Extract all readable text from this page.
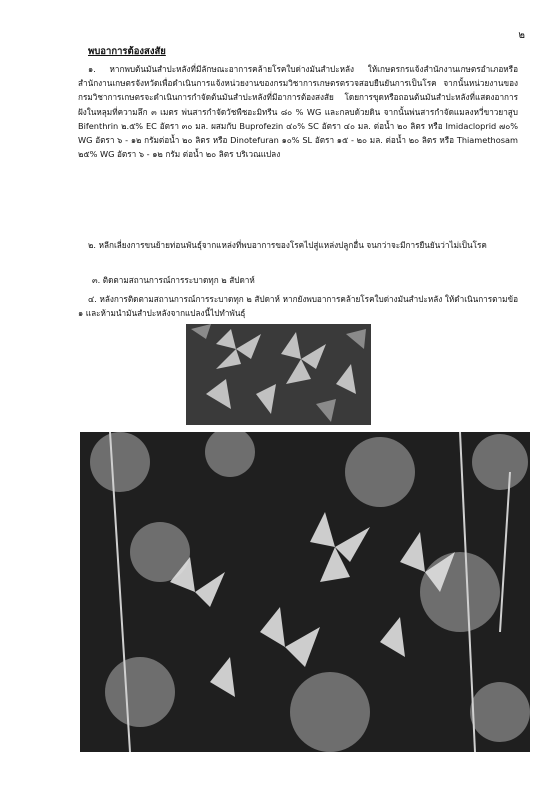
๒
พบอาการต้องสงสัย

๑. หากพบต้นมันสำปะหลังที่มีลักษณะอาการคล้ายโรคใบด่างมันสำปะหลัง ให้เกษตรกรแจ้งสำนักงานเกษตรอำเภอหรือสำนักงานเกษตรจังหวัดเพื่อดำเนินการแจ้งหน่วยงานของกรมวิชาการเกษตรตรวจสอบยืนยันการเป็นโรค จากนั้นหน่วยงานของกรมวิชาการเกษตรจะดำเนินการกำจัดต้นมันสำปะหลังที่มีอาการต้องสงสัย โดยการขุดหรือถอนต้นมันสำปะหลังที่แสดงอาการฝังในหลุมที่ความลึก ๓ เมตร พ่นสารกำจัดวัชพืชอะมิทรีน ๘๐ % WG และกลบด้วยดิน จากนั้นพ่นสารกำจัดแมลงหวี่ขาวยาสูบ Bifenthrin ๒.๕% EC อัตรา ๓๐ มล. ผสมกับ Buprofezin ๔๐% SC อัตรา ๔๐ มล. ต่อน้ำ ๒๐ ลิตร หรือ Imidacloprid ๗๐% WG อัตรา ๖ - ๑๒ กรัมต่อน้ำ ๒๐ ลิตร หรือ Dinotefuran ๑๐% SL อัตรา ๑๕ - ๒๐ มล. ต่อน้ำ ๒๐ ลิตร หรือ Thiamethosam ๒๕% WG อัตรา ๖ - ๑๒ กรัม ต่อน้ำ ๒๐ ลิตร บริเวณแปลง

๒. หลีกเลี่ยงการขนย้ายท่อนพันธุ์จากแหล่งที่พบอาการของโรคไปสู่แหล่งปลูกอื่น จนกว่าจะมีการยืนยันว่าไม่เป็นโรค

๓. ติดตามสถานการณ์การระบาดทุก ๒ สัปดาห์

๔. หลังการติดตามสถานการณ์การระบาดทุก ๒ สัปดาห์ หากยังพบอาการคล้ายโรคใบด่างมันสำปะหลัง ให้ดำเนินการตามข้อ ๑ และห้ามนำมันสำปะหลังจากแปลงนี้ไปทำพันธุ์
